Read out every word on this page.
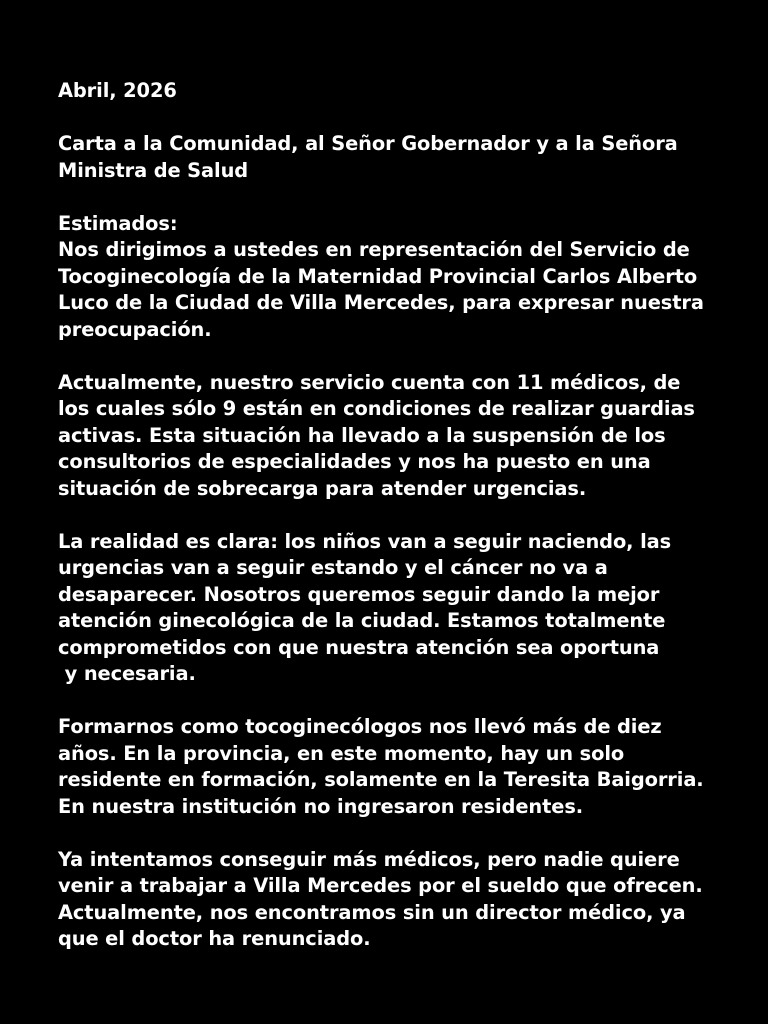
Abril, 2026
Carta a la Comunidad, al Señor Gobernador y a la Señora
Ministra de Salud
Estimados:
Nos dirigimos a ustedes en representación del Servicio de
Tocoginecología de la Maternidad Provincial Carlos Alberto
Luco de la Ciudad de Villa Mercedes, para expresar nuestra
preocupación.
Actualmente, nuestro servicio cuenta con 11 médicos, de
los cuales sólo 9 están en condiciones de realizar guardias
activas. Esta situación ha llevado a la suspensión de los
consultorios de especialidades y nos ha puesto en una
situación de sobrecarga para atender urgencias.
La realidad es clara: los niños van a seguir naciendo, las
urgencias van a seguir estando y el cáncer no va a
desaparecer. Nosotros queremos seguir dando la mejor
atención ginecológica de la ciudad. Estamos totalmente
comprometidos con que nuestra atención sea oportuna
y necesaria.
Formarnos como tocoginecólogos nos llevó más de diez
años. En la provincia, en este momento, hay un solo
residente en formación, solamente en la Teresita Baigorria.
En nuestra institución no ingresaron residentes.
Ya intentamos conseguir más médicos, pero nadie quiere
venir a trabajar a Villa Mercedes por el sueldo que ofrecen.
Actualmente, nos encontramos sin un director médico, ya
que el doctor ha renunciado.
